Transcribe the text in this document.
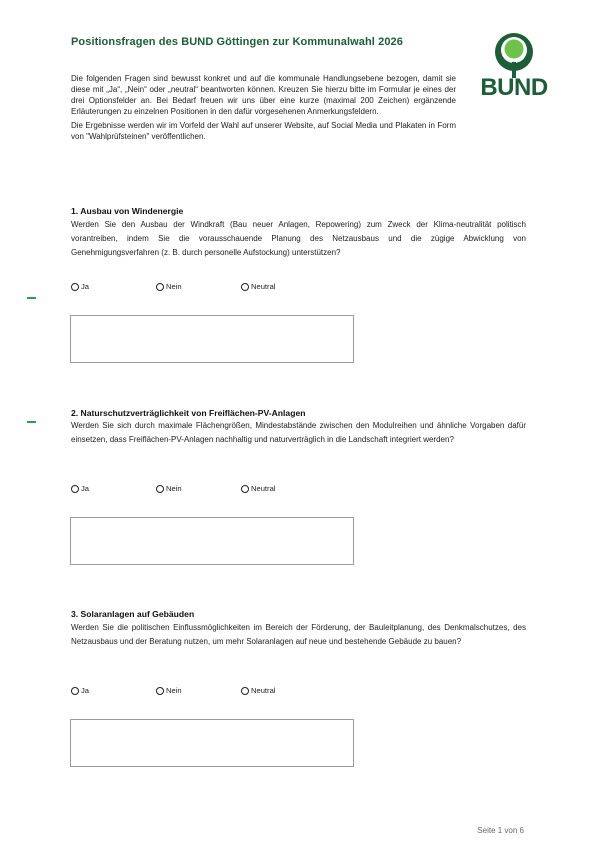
Positionsfragen des BUND Göttingen zur Kommunalwahl 2026
BUND

Die folgenden Fragen sind bewusst konkret und auf die kommunale Handlungsebene bezogen, damit sie diese mit „Ja“, „Nein“ oder „neutral“ beantworten können. Kreuzen Sie hierzu bitte im Formular je eines der drei Optionsfelder an. Bei Bedarf freuen wir uns über eine kurze (maximal 200 Zeichen) ergänzende Erläuterungen zu einzelnen Positionen in den dafür vorgesehenen Anmerkungsfeldern.

Die Ergebnisse werden wir im Vorfeld der Wahl auf unserer Website, auf Social Media und Plakaten in Form von "Wahlprüfsteinen" veröffentlichen.

1. Ausbau von Windenergie
Werden Sie den Ausbau der Windkraft (Bau neuer Anlagen, Repowering) zum Zweck der Klima-neutralität politisch vorantreiben, indem Sie die vorausschauende Planung des Netzausbaus und die zügige Abwicklung von Genehmigungsverfahren (z. B. durch personelle Aufstockung) unterstützen?
Ja	Nein	Neutral
2. Naturschutzverträglichkeit von Freiflächen-PV-Anlagen
Werden Sie sich durch maximale Flächengrößen, Mindestabstände zwischen den Modulreihen und ähnliche Vorgaben dafür einsetzen, dass Freiflächen-PV-Anlagen nachhaltig und naturverträglich in die Landschaft integriert werden?
Ja	Nein	Neutral
3. Solaranlagen auf Gebäuden
Werden Sie die politischen Einflussmöglichkeiten im Bereich der Förderung, der Bauleitplanung, des Denkmalschutzes, des Netzausbaus und der Beratung nutzen, um mehr Solaranlagen auf neue und bestehende Gebäude zu bauen?
Ja	Nein	Neutral
Seite 1 von 6
